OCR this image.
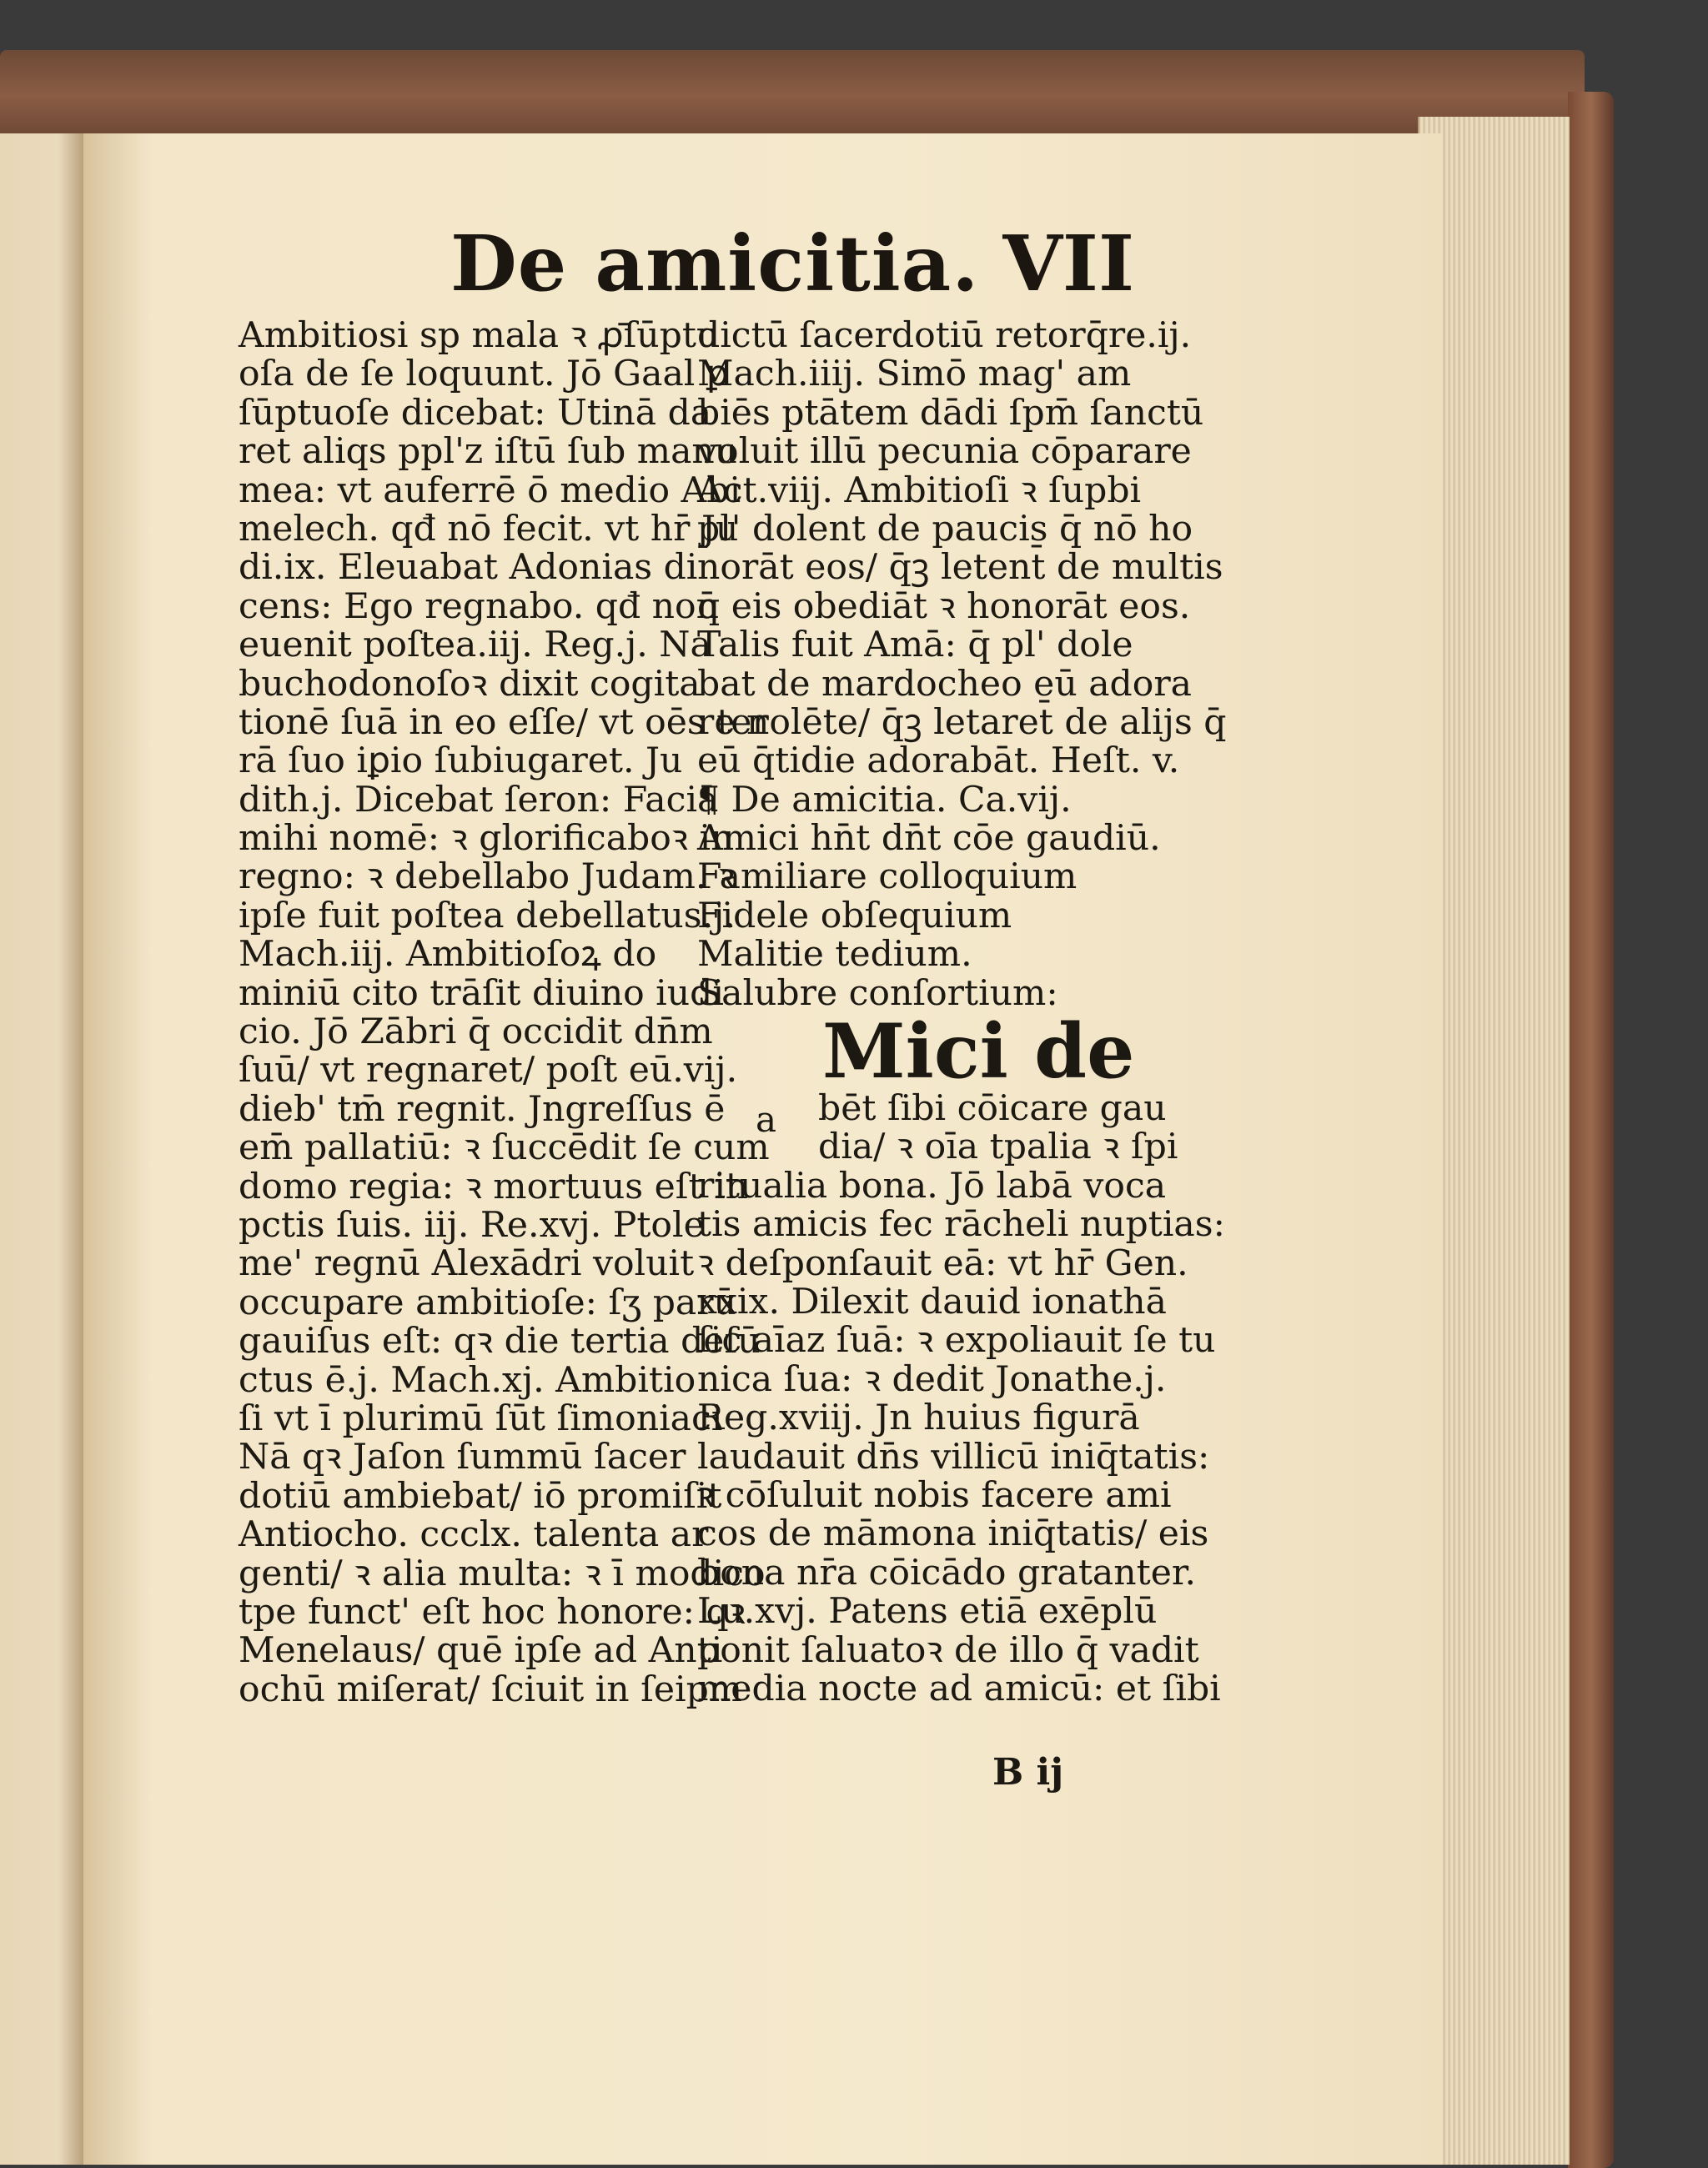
De amicitia. VII
Ambitiosi sp mala ꝛ ꝓ̄ſūptu
oſa de ſe loquunt. Jō Gaal ꝑ
ſūptuoſe dicebat: Utinā da
ret aliqs ppl'z iſtū ſub manu
mea: vt auferrē ō medio Abi
melech. qđ nō fecit. vt hr̄ Ju
di.ix. Eleuabat Adonias di
cens: Ego regnabo. qđ non
euenit poſtea.iij. Reg.j. Na
buchodonoſoꝛ dixit cogita
tionē ſuā in eo eſſe/ vt oēs ter
rā ſuo iꝑio ſubiugaret. Ju
dith.j. Dicebat ſeron: Faciā
mihi nomē: ꝛ glorificaboꝛ in
regno: ꝛ debellabo Judam. ꝛ
ipſe fuit poſtea debellatus.j.
Mach.iij. Ambitioſoꝝ do
miniū cito trāſit diuino iudi
cio. Jō Zābri q̄ occidit dn̄m
ſuū/ vt regnaret/ poſt eū.vij.
dieb' tm̄ regnit. Jngreſſus ē
em̄ pallatiū: ꝛ ſuccēdit ſe cum
domo regia: ꝛ mortuus eſt in
pctis ſuis. iij. Re.xvj. Ptole
me' regnū Alexādri voluit
occupare ambitioſe: ſʒ parū
gauiſus eſt: qꝛ die tertia deſū
ctus ē.j. Mach.xj. Ambitio
ſi vt ī plurimū ſūt ſimoniaci
Nā qꝛ Jaſon ſummū ſacer
dotiū ambiebat/ iō promiſit
Antiocho. ccclx. talenta ar
genti/ ꝛ alia multa: ꝛ ī modico
tpe funct' eſt hoc honore: qꝛ
Menelaus/ quē ipſe ad Anti
ochū miſerat/ ſciuit in ſeipm
dictū ſacerdotiū retorq̄re.ij.
Mach.iiij. Simō mag' am
biēs ptātem dādi ſpm̄ ſanctū
voluit illū pecunia cōparare
Act.viij. Ambitioſi ꝛ ſupbi
pl' dolent de paucis q̄ nō ho
norāt eos/ q̄ꝫ letent̄ de multis
q̄ eis obediāt ꝛ honorāt eos.
Talis fuit Amā: q̄ pl' dole
bat de mardocheo eū adora
re nolēte/ q̄ꝫ letaret̄ de alijs q̄
eū q̄tidie adorabāt. Heſt. v.
¶ De amicitia. Ca.vij.
Amici hn̄t dn̄t cōe gaudiū.
Familiare colloquium
Fidele obſequium
Malitie tedium.
Salubre conſortium:
Mici de
bēt ſibi cōicare gau
dia/ ꝛ oīa tpalia ꝛ ſpi
ritualia bona. Jō labā voca
tis amicis fec rācheli nuptias:
ꝛ deſponſauit eā: vt hr̄ Gen.
xxix. Dilexit dauid ionathā
ſic aīaz ſuā: ꝛ expoliauit ſe tu
nica ſua: ꝛ dedit Jonathe.j.
Reg.xviij. Jn huius figurā
laudauit dn̄s villicū iniq̄tatis:
ꝛ cōſuluit nobis facere ami
cos de māmona iniq̄tatis/ eis
bona nr̄a cōicādo gratanter.
Lu.xvj. Patens etiā exēplū
ponit ſaluatoꝛ de illo q̄ vadit
media nocte ad amicū: et ſibi
a
B ij
